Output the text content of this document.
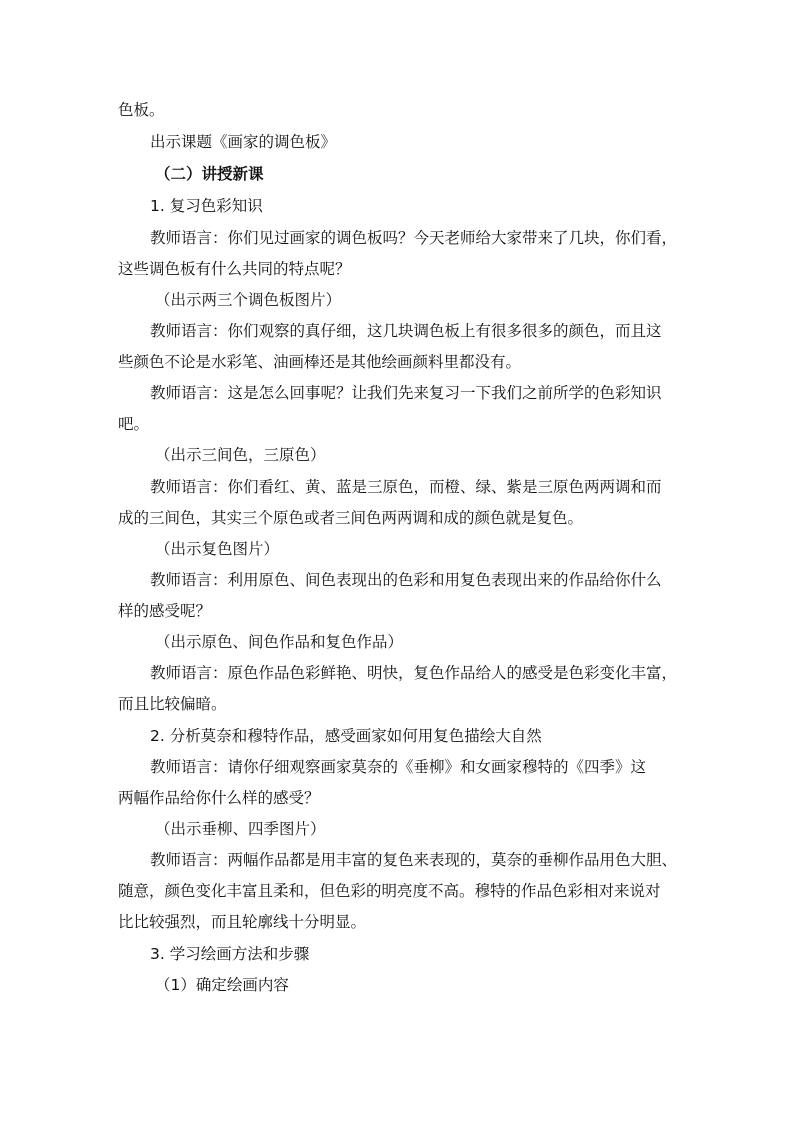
色板。
出示课题《画家的调色板》
（二）讲授新课
1. 复习色彩知识
教师语言：你们见过画家的调色板吗？今天老师给大家带来了几块，你们看，
这些调色板有什么共同的特点呢？
（出示两三个调色板图片）
教师语言：你们观察的真仔细，这几块调色板上有很多很多的颜色，而且这
些颜色不论是水彩笔、油画棒还是其他绘画颜料里都没有。
教师语言：这是怎么回事呢？让我们先来复习一下我们之前所学的色彩知识
吧。
（出示三间色，三原色）
教师语言：你们看红、黄、蓝是三原色，而橙、绿、紫是三原色两两调和而
成的三间色，其实三个原色或者三间色两两调和成的颜色就是复色。
（出示复色图片）
教师语言：利用原色、间色表现出的色彩和用复色表现出来的作品给你什么
样的感受呢？
（出示原色、间色作品和复色作品）
教师语言：原色作品色彩鲜艳、明快，复色作品给人的感受是色彩变化丰富，
而且比较偏暗。
2. 分析莫奈和穆特作品，感受画家如何用复色描绘大自然
教师语言：请你仔细观察画家莫奈的《垂柳》和女画家穆特的《四季》这
两幅作品给你什么样的感受？
（出示垂柳、四季图片）
教师语言：两幅作品都是用丰富的复色来表现的，莫奈的垂柳作品用色大胆、
随意，颜色变化丰富且柔和，但色彩的明亮度不高。穆特的作品色彩相对来说对
比比较强烈，而且轮廓线十分明显。
3. 学习绘画方法和步骤
（1）确定绘画内容
